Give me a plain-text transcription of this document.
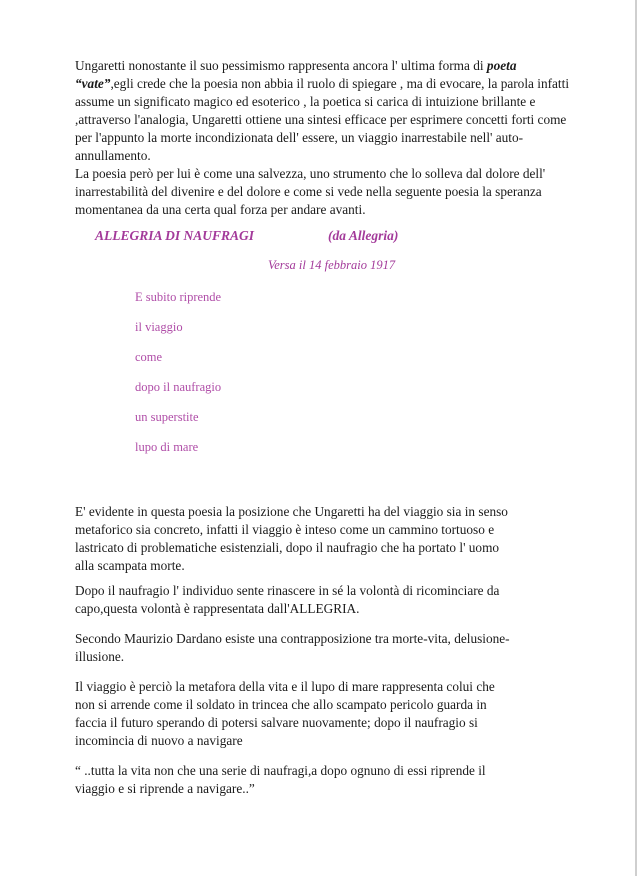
Ungaretti nonostante il suo pessimismo rappresenta ancora l' ultima forma di poeta “vate”,egli crede che la poesia non abbia il ruolo di spiegare , ma di evocare, la parola infatti assume un significato magico ed esoterico , la poetica si carica di intuizione brillante e ,attraverso l'analogia, Ungaretti ottiene una sintesi efficace per esprimere concetti forti come per l'appunto la morte incondizionata dell' essere, un viaggio inarrestabile nell' auto-annullamento.

La poesia però per lui è come una salvezza, uno strumento che lo solleva dal dolore dell' inarrestabilità del divenire e del dolore e come si vede nella seguente poesia la speranza momentanea da una certa qual forza per andare avanti.

ALLEGRIA DI NAUFRAGI	(da Allegria)
Versa il 14 febbraio 1917
E subito riprende
il viaggio
come
dopo il naufragio
un superstite
lupo di mare

E' evidente in questa poesia la posizione che Ungaretti ha del viaggio sia in senso metaforico sia concreto, infatti il viaggio è inteso come un cammino tortuoso e lastricato di problematiche esistenziali, dopo il naufragio che ha portato l' uomo alla scampata morte.

Dopo il naufragio l' individuo sente rinascere in sé la volontà di ricominciare da capo,questa volontà è rappresentata dall'ALLEGRIA.

Secondo Maurizio Dardano esiste una contrapposizione tra morte-vita, delusione-illusione.

Il viaggio è perciò la metafora della vita e il lupo di mare rappresenta colui che non si arrende come il soldato in trincea che allo scampato pericolo guarda in faccia il futuro sperando di potersi salvare nuovamente; dopo il naufragio si incomincia di nuovo a navigare

“ ..tutta la vita non che una serie di naufragi,a dopo ognuno di essi riprende il viaggio e si riprende a navigare..”
